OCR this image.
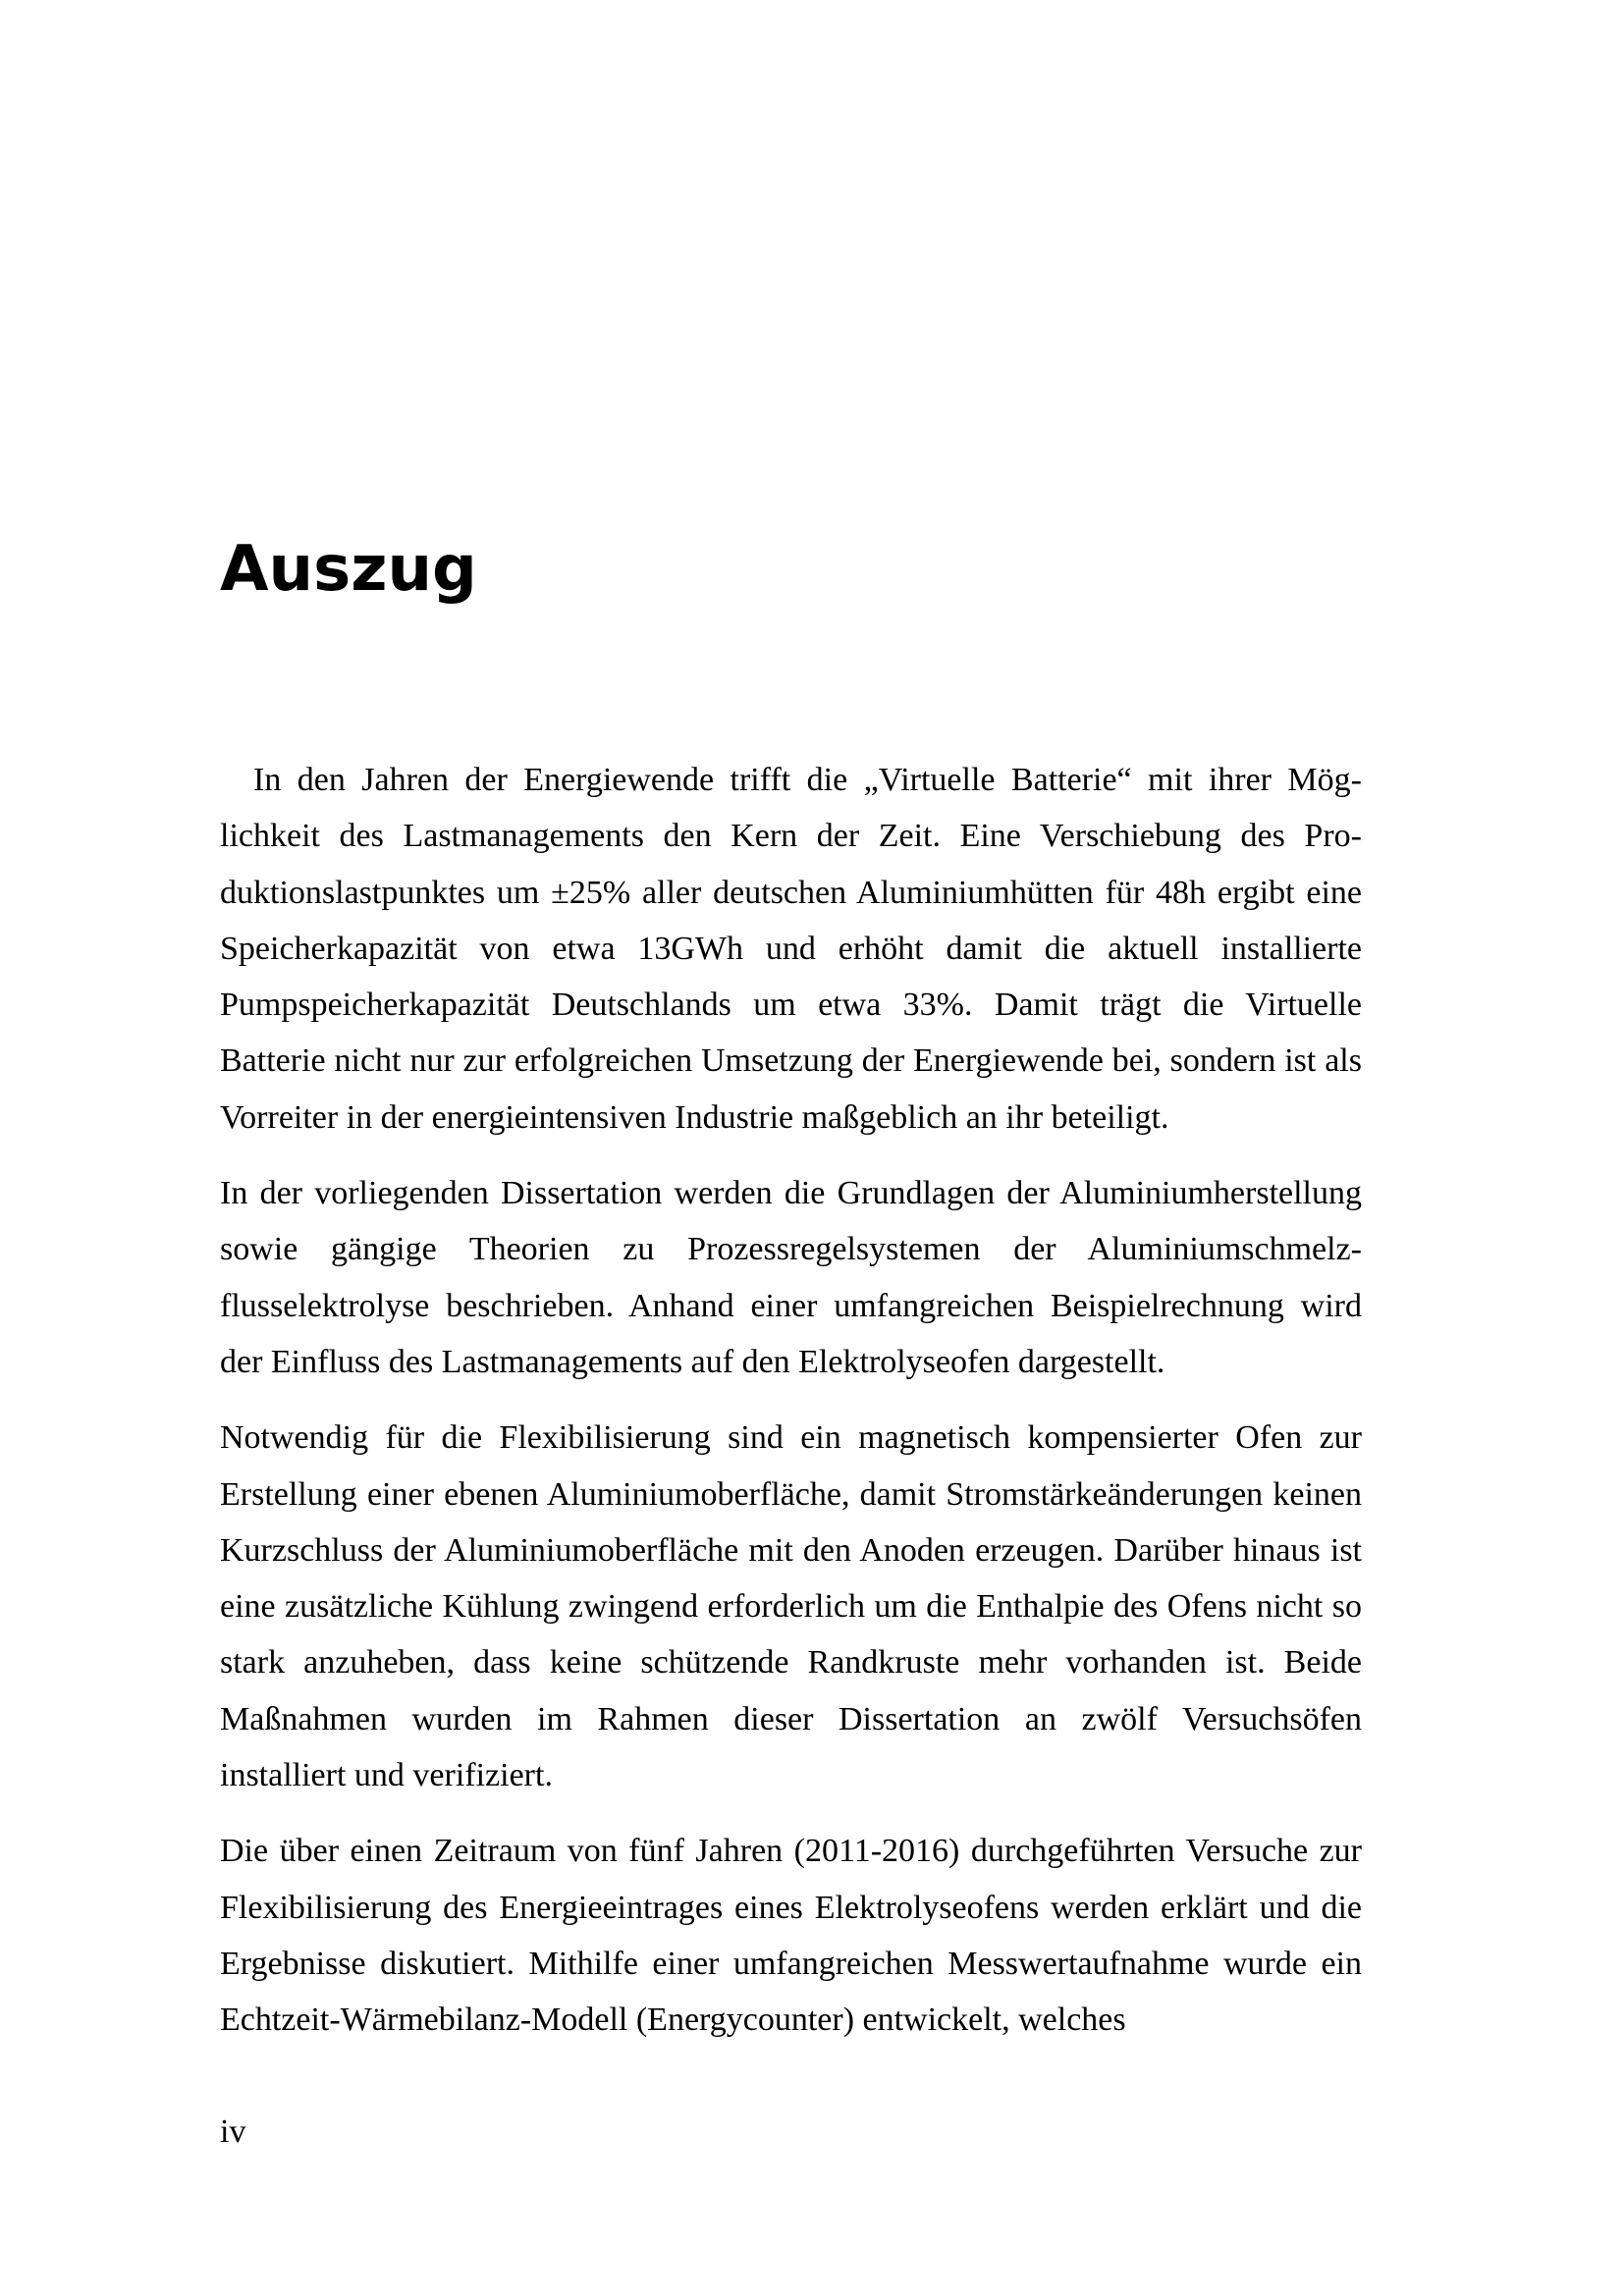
Auszug

In den Jahren der Energiewende trifft die „Virtuelle Batterie“ mit ihrer Möglichkeit des Lastmanagements den Kern der Zeit. Eine Verschiebung des Produktionslastpunktes um ±25% aller deutschen Aluminiumhütten für 48h ergibt eine Speicherkapazität von etwa 13GWh und erhöht damit die aktuell installierte Pumpspeicherkapazität Deutschlands um etwa 33%. Damit trägt die Virtuelle Batterie nicht nur zur erfolgreichen Umsetzung der Energiewende bei, sondern ist als Vorreiter in der energieintensiven Industrie maßgeblich an ihr beteiligt.

In der vorliegenden Dissertation werden die Grundlagen der Aluminiumherstellung sowie gängige Theorien zu Prozessregelsystemen der Aluminiumschmelzflusselektrolyse beschrieben. Anhand einer umfangreichen Beispielrechnung wird der Einfluss des Lastmanagements auf den Elektrolyseofen dargestellt.

Notwendig für die Flexibilisierung sind ein magnetisch kompensierter Ofen zur Erstellung einer ebenen Aluminiumoberfläche, damit Stromstärkeänderungen keinen Kurzschluss der Aluminiumoberfläche mit den Anoden erzeugen. Darüber hinaus ist eine zusätzliche Kühlung zwingend erforderlich um die Enthalpie des Ofens nicht so stark anzuheben, dass keine schützende Randkruste mehr vorhanden ist. Beide Maßnahmen wurden im Rahmen dieser Dissertation an zwölf Versuchsöfen installiert und verifiziert.

Die über einen Zeitraum von fünf Jahren (2011-2016) durchgeführten Versuche zur Flexibilisierung des Energieeintrages eines Elektrolyseofens werden erklärt und die Ergebnisse diskutiert. Mithilfe einer umfangreichen Messwertaufnahme wurde ein Echtzeit-Wärmebilanz-Modell (Energycounter) entwickelt, welches

iv
